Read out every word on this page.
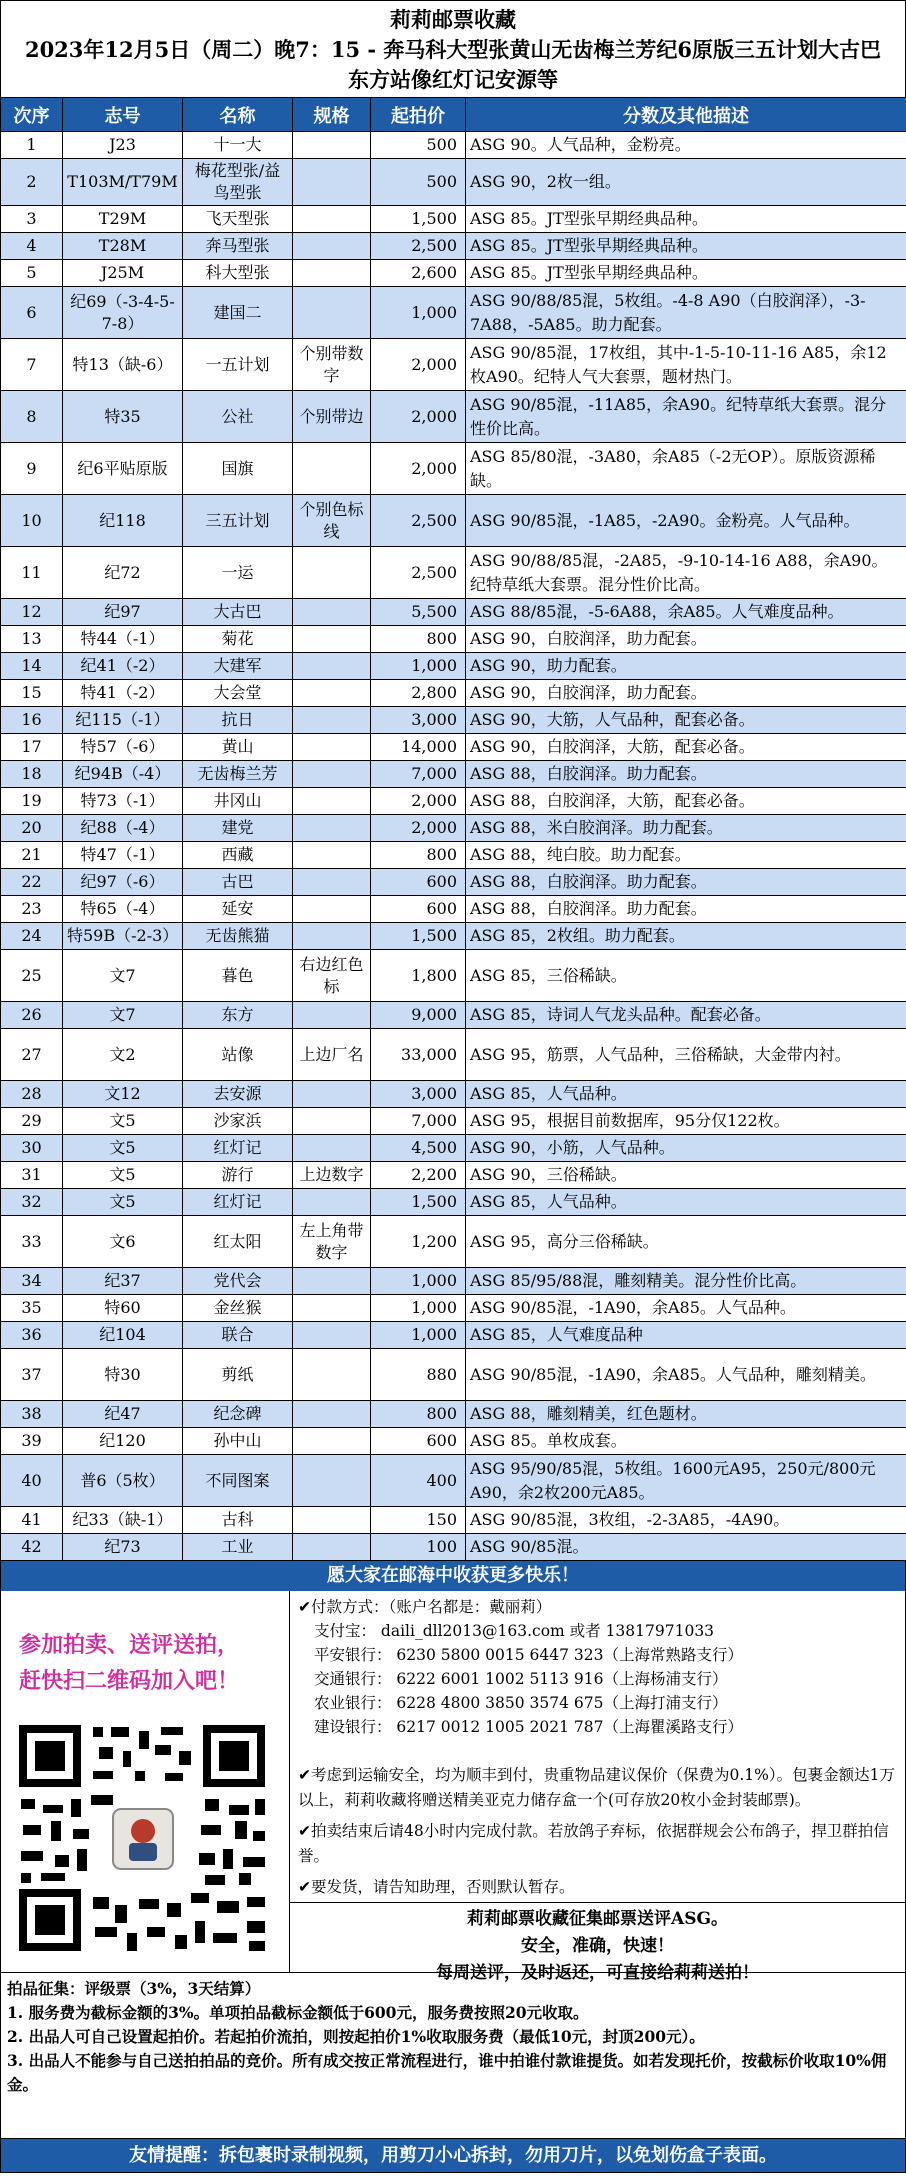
莉莉邮票收藏
2023年12月5日（周二）晚7：15 - 奔马科大型张黄山无齿梅兰芳纪6原版三五计划大古巴
东方站像红灯记安源等
次序	志号	名称	规格	起拍价	分数及其他描述
1	J23	十一大		500	ASG 90。人气品种，金粉亮。
2	T103M/T79M	梅花型张/益鸟型张		500	ASG 90，2枚一组。
3	T29M	飞天型张		1,500	ASG 85。JT型张早期经典品种。
4	T28M	奔马型张		2,500	ASG 85。JT型张早期经典品种。
5	J25M	科大型张		2,600	ASG 85。JT型张早期经典品种。
6	纪69（-3-4-5-7-8）	建国二		1,000	ASG 90/88/85混，5枚组。-4-8 A90（白胶润泽），-3-7A88，-5A85。助力配套。
7	特13（缺-6）	一五计划	个别带数字	2,000	ASG 90/85混，17枚组，其中-1-5-10-11-16 A85，余12枚A90。纪特人气大套票，题材热门。
8	特35	公社	个别带边	2,000	ASG 90/85混，-11A85，余A90。纪特草纸大套票。混分性价比高。
9	纪6平贴原版	国旗		2,000	ASG 85/80混，-3A80，余A85（-2无OP）。原版资源稀缺。
10	纪118	三五计划	个别色标线	2,500	ASG 90/85混，-1A85，-2A90。金粉亮。人气品种。
11	纪72	一运		2,500	ASG 90/88/85混，-2A85，-9-10-14-16 A88，余A90。纪特草纸大套票。混分性价比高。
12	纪97	大古巴		5,500	ASG 88/85混，-5-6A88，余A85。人气难度品种。
13	特44（-1）	菊花		800	ASG 90，白胶润泽，助力配套。
14	纪41（-2）	大建军		1,000	ASG 90，助力配套。
15	特41（-2）	大会堂		2,800	ASG 90，白胶润泽，助力配套。
16	纪115（-1）	抗日		3,000	ASG 90，大筋，人气品种，配套必备。
17	特57（-6）	黄山		14,000	ASG 90，白胶润泽，大筋，配套必备。
18	纪94B（-4）	无齿梅兰芳		7,000	ASG 88，白胶润泽。助力配套。
19	特73（-1）	井冈山		2,000	ASG 88，白胶润泽，大筋，配套必备。
20	纪88（-4）	建党		2,000	ASG 88，米白胶润泽。助力配套。
21	特47（-1）	西藏		800	ASG 88，纯白胶。助力配套。
22	纪97（-6）	古巴		600	ASG 88，白胶润泽。助力配套。
23	特65（-4）	延安		600	ASG 88，白胶润泽。助力配套。
24	特59B（-2-3）	无齿熊猫		1,500	ASG 85，2枚组。助力配套。
25	文7	暮色	右边红色标	1,800	ASG 85，三俗稀缺。
26	文7	东方		9,000	ASG 85，诗词人气龙头品种。配套必备。
27	文2	站像	上边厂名	33,000	ASG 95，筋票，人气品种，三俗稀缺，大金带内衬。
28	文12	去安源		3,000	ASG 85，人气品种。
29	文5	沙家浜		7,000	ASG 95，根据目前数据库，95分仅122枚。
30	文5	红灯记		4,500	ASG 90，小筋，人气品种。
31	文5	游行	上边数字	2,200	ASG 90，三俗稀缺。
32	文5	红灯记		1,500	ASG 85，人气品种。
33	文6	红太阳	左上角带数字	1,200	ASG 95，高分三俗稀缺。
34	纪37	党代会		1,000	ASG 85/95/88混，雕刻精美。混分性价比高。
35	特60	金丝猴		1,000	ASG 90/85混，-1A90，余A85。人气品种。
36	纪104	联合		1,000	ASG 85，人气难度品种
37	特30	剪纸		880	ASG 90/85混，-1A90，余A85。人气品种，雕刻精美。
38	纪47	纪念碑		800	ASG 88，雕刻精美，红色题材。
39	纪120	孙中山		600	ASG 85。单枚成套。
40	普6（5枚）	不同图案		400	ASG 95/90/85混，5枚组。1600元A95，250元/800元A90，余2枚200元A85。
41	纪33（缺-1）	古科		150	ASG 90/85混，3枚组，-2-3A85，-4A90。
42	纪73	工业		100	ASG 90/85混。
愿大家在邮海中收获更多快乐！
参加拍卖、送评送拍，
赶快扫二维码加入吧！
✔付款方式：（账户名都是：戴丽莉）
支付宝： daili_dll2013@163.com 或者 13817971033
平安银行： 6230 5800 0015 6447 323（上海常熟路支行）
交通银行： 6222 6001 1002 5113 916（上海杨浦支行）
农业银行： 6228 4800 3850 3574 675（上海打浦支行）
建设银行： 6217 0012 1005 2021 787（上海瞿溪路支行）
✔考虑到运输安全，均为顺丰到付，贵重物品建议保价（保费为0.1%）。包裹金额达1万以上，莉莉收藏将赠送精美亚克力储存盒一个(可存放20枚小金封装邮票)。
✔拍卖结束后请48小时内完成付款。若放鸽子弃标，依据群规会公布鸽子，捍卫群拍信誉。
✔要发货，请告知助理，否则默认暂存。
莉莉邮票收藏征集邮票送评ASG。
安全，准确，快速！
每周送评，及时返还，可直接给莉莉送拍！
拍品征集：评级票（3%，3天结算）
1. 服务费为截标金额的3%。单项拍品截标金额低于600元，服务费按照20元收取。
2. 出品人可自己设置起拍价。若起拍价流拍，则按起拍价1%收取服务费（最低10元，封顶200元）。
3. 出品人不能参与自己送拍拍品的竞价。所有成交按正常流程进行，谁中拍谁付款谁提货。如若发现托价，按截标价收取10%佣金。
友情提醒：拆包裹时录制视频，用剪刀小心拆封，勿用刀片，以免划伤盒子表面。
